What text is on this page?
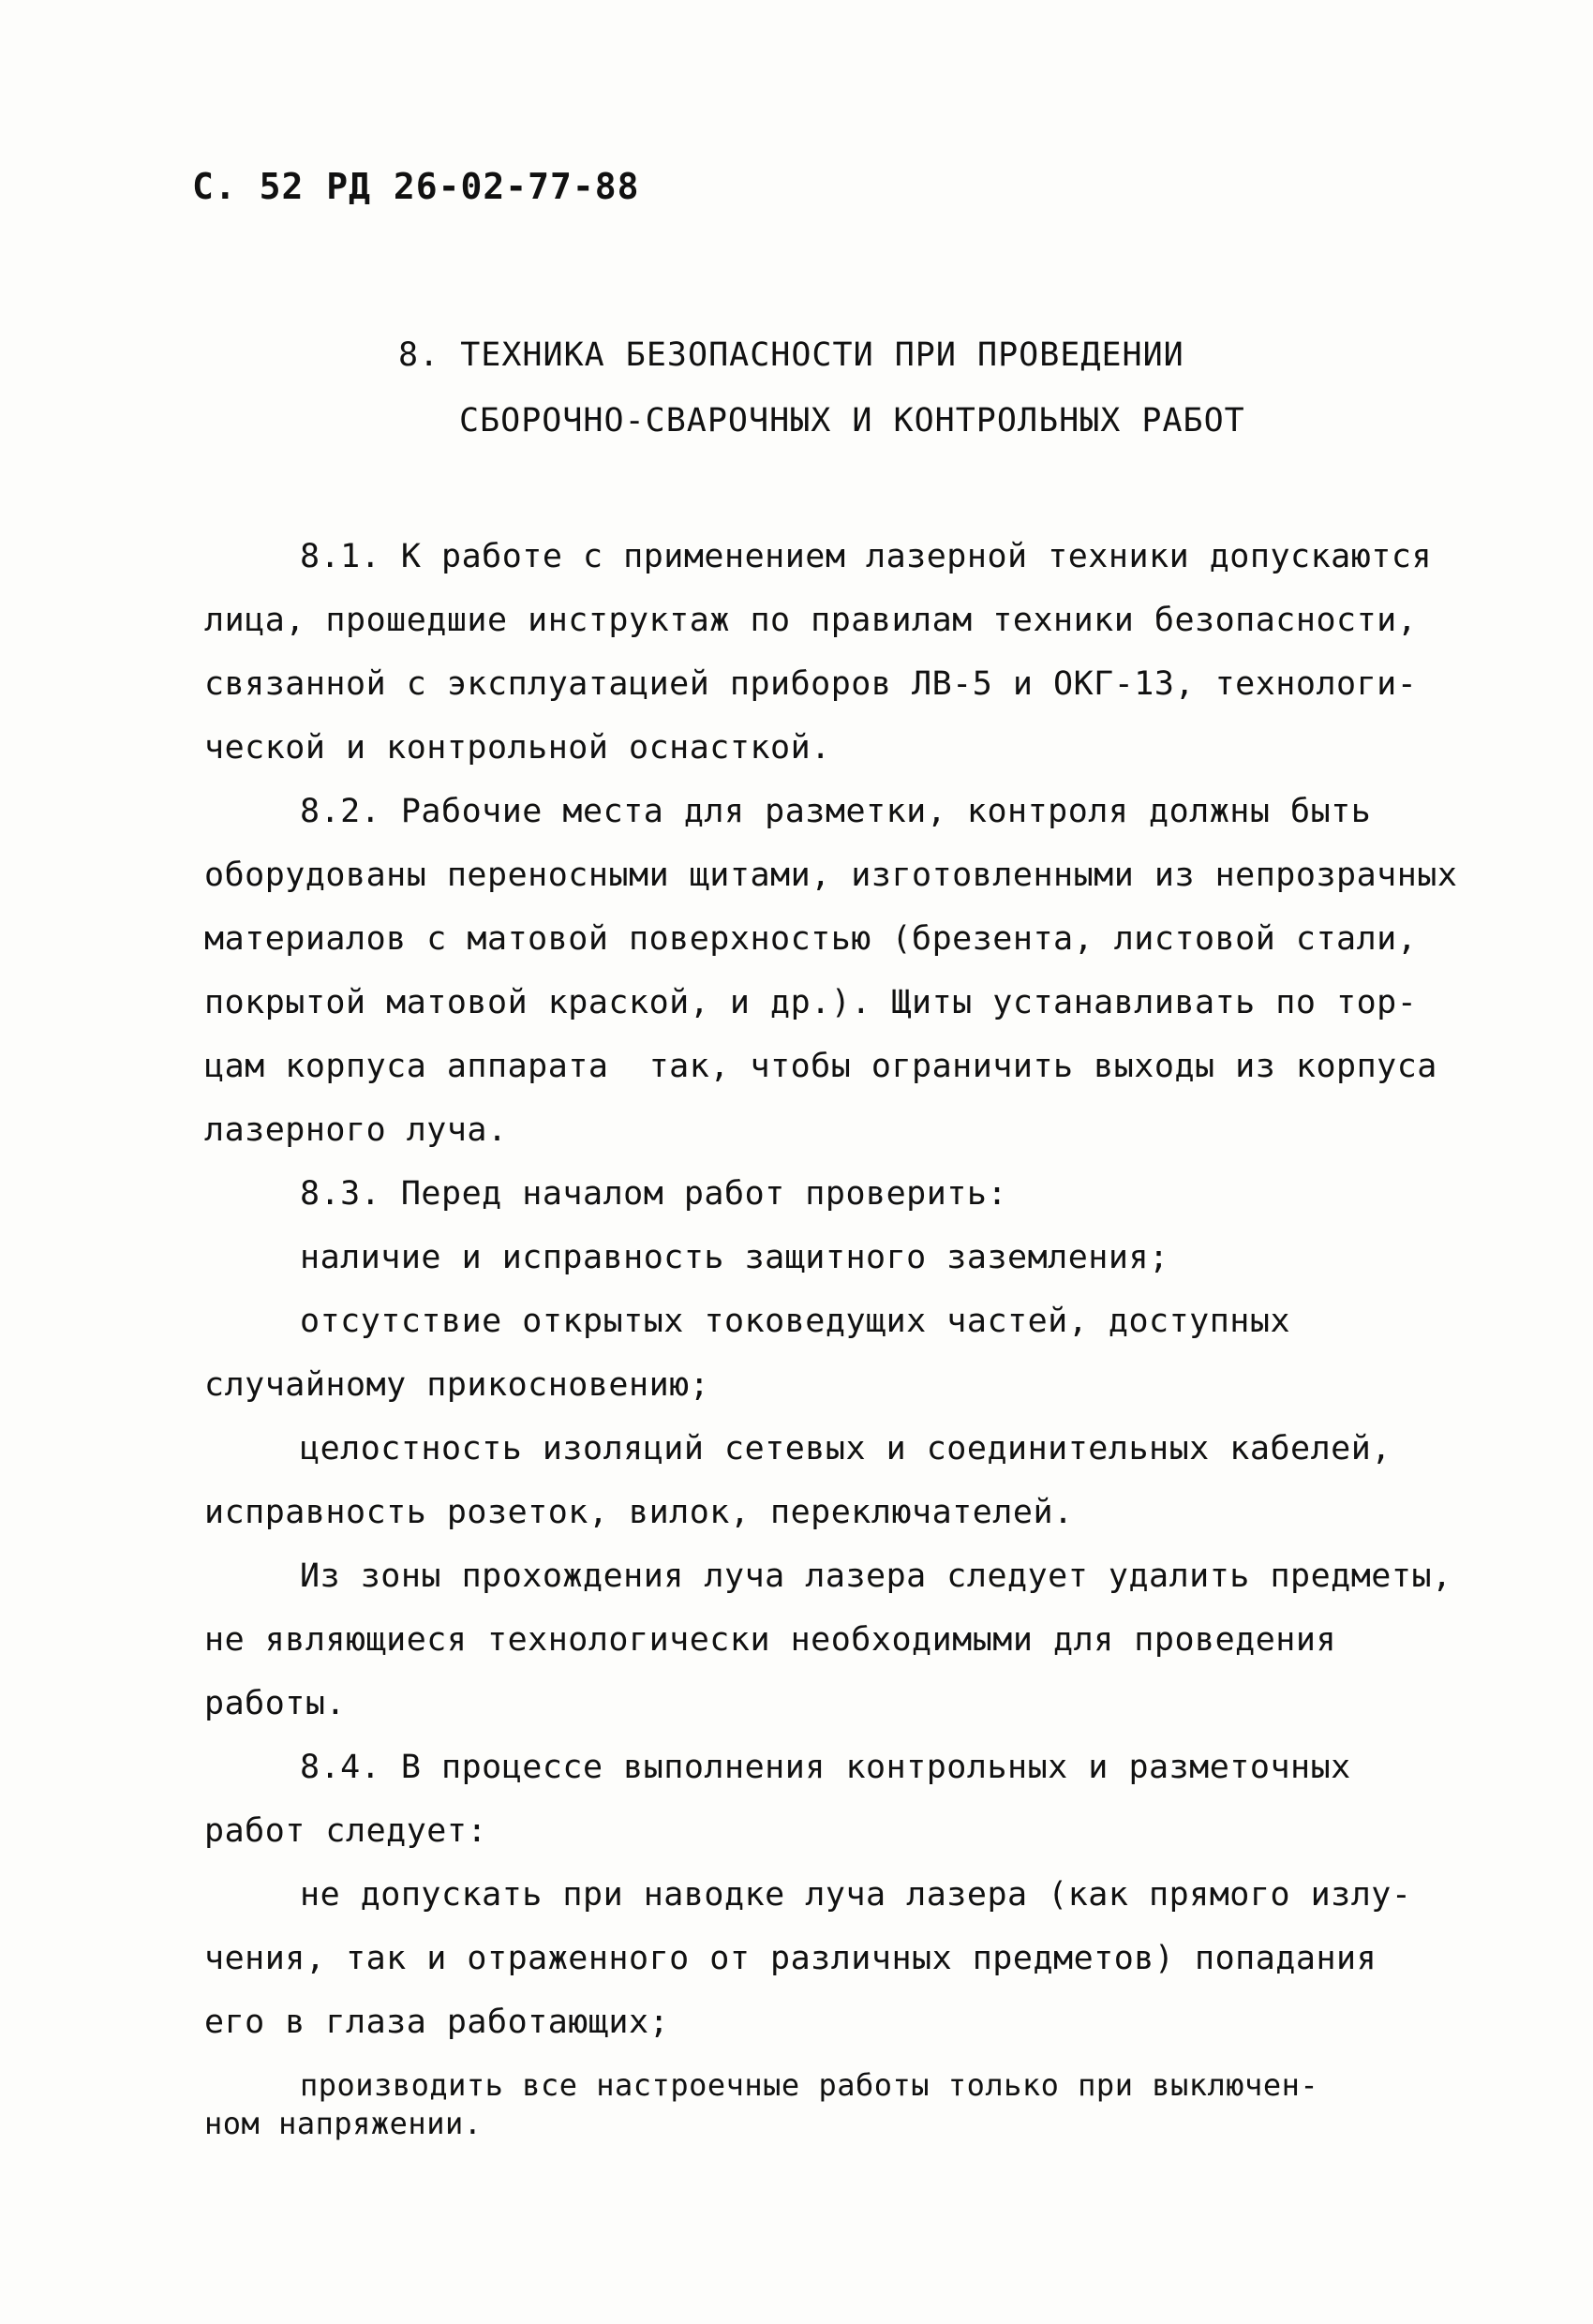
С. 52 РД 26-02-77-88
8. ТЕХНИКА БЕЗОПАСНОСТИ ПРИ ПРОВЕДЕНИИ
СБОРОЧНО-СВАРОЧНЫХ И КОНТРОЛЬНЫХ РАБОТ
8.1. К работе с применением лазерной техники допускаются
лица, прошедшие инструктаж по правилам техники безопасности,
связанной с эксплуатацией приборов ЛВ-5 и ОКГ-13, технологи-
ческой и контрольной оснасткой.
8.2. Рабочие места для разметки, контроля должны быть
оборудованы переносными щитами, изготовленными из непрозрачных
материалов с матовой поверхностью (брезента, листовой стали,
покрытой матовой краской, и др.). Щиты устанавливать по тор-
цам корпуса аппарата  так, чтобы ограничить выходы из корпуса
лазерного луча.
8.3. Перед началом работ проверить:
наличие и исправность защитного заземления;
отсутствие открытых токоведущих частей, доступных
случайному прикосновению;
целостность изоляций сетевых и соединительных кабелей,
исправность розеток, вилок, переключателей.
Из зоны прохождения луча лазера следует удалить предметы,
не являющиеся технологически необходимыми для проведения
работы.
8.4. В процессе выполнения контрольных и разметочных
работ следует:
не допускать при наводке луча лазера (как прямого излу-
чения, так и отраженного от различных предметов) попадания
его в глаза работающих;
производить все настроечные работы только при выключен-
ном напряжении.
